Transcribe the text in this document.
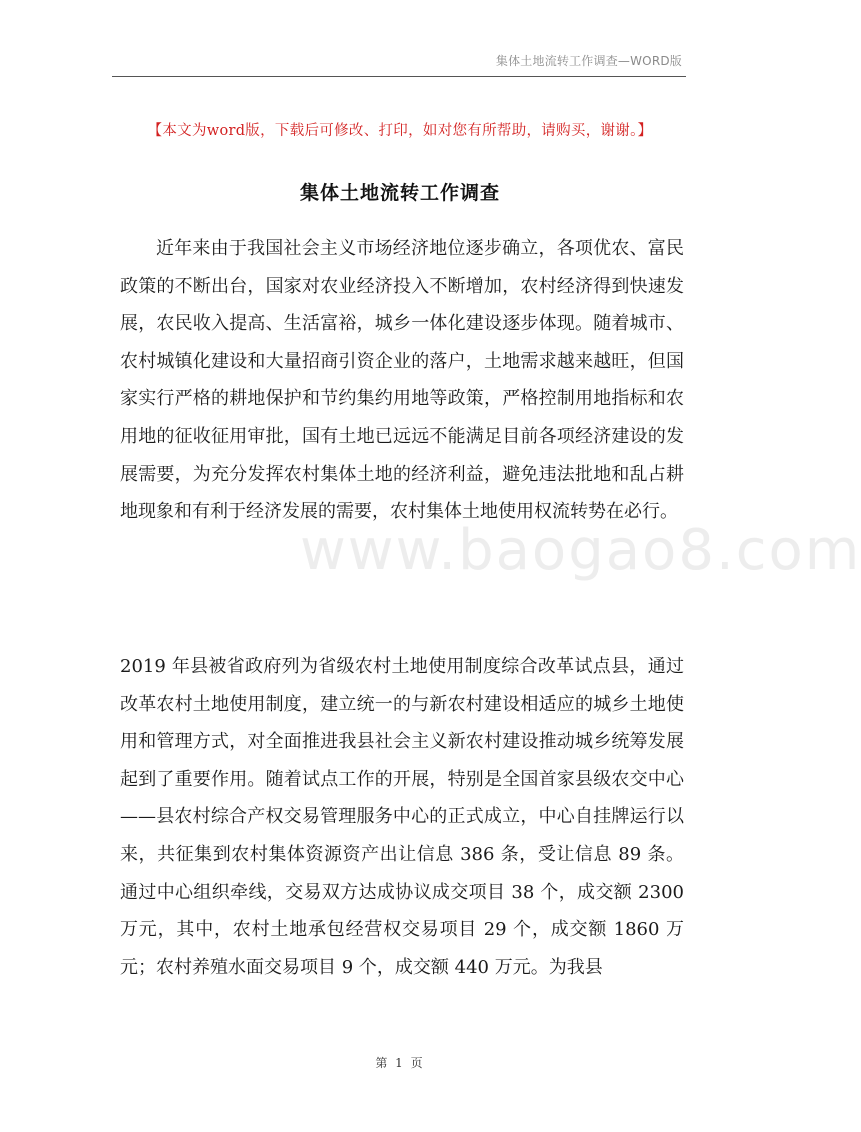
集体土地流转工作调查—WORD版
【本文为word版，下载后可修改、打印，如对您有所帮助，请购买，谢谢。】
集体土地流转工作调查
www.baogao8.com

近年来由于我国社会主义市场经济地位逐步确立，各项优农、富民政策的不断出台，国家对农业经济投入不断增加，农村经济得到快速发展，农民收入提高、生活富裕，城乡一体化建设逐步体现。随着城市、农村城镇化建设和大量招商引资企业的落户，土地需求越来越旺，但国家实行严格的耕地保护和节约集约用地等政策，严格控制用地指标和农用地的征收征用审批，国有土地已远远不能满足目前各项经济建设的发展需要，为充分发挥农村集体土地的经济利益，避免违法批地和乱占耕地现象和有利于经济发展的需要，农村集体土地使用权流转势在必行。

2019 年县被省政府列为省级农村土地使用制度综合改革试点县，通过改革农村土地使用制度，建立统一的与新农村建设相适应的城乡土地使用和管理方式，对全面推进我县社会主义新农村建设推动城乡统筹发展起到了重要作用。随着试点工作的开展，特别是全国首家县级农交中心——县农村综合产权交易管理服务中心的正式成立，中心自挂牌运行以来，共征集到农村集体资源资产出让信息 386 条，受让信息 89 条。通过中心组织牵线，交易双方达成协议成交项目 38 个，成交额 2300 万元，其中，农村土地承包经营权交易项目 29 个，成交额 1860 万元；农村养殖水面交易项目 9 个，成交额 440 万元。为我县

第 1 页
